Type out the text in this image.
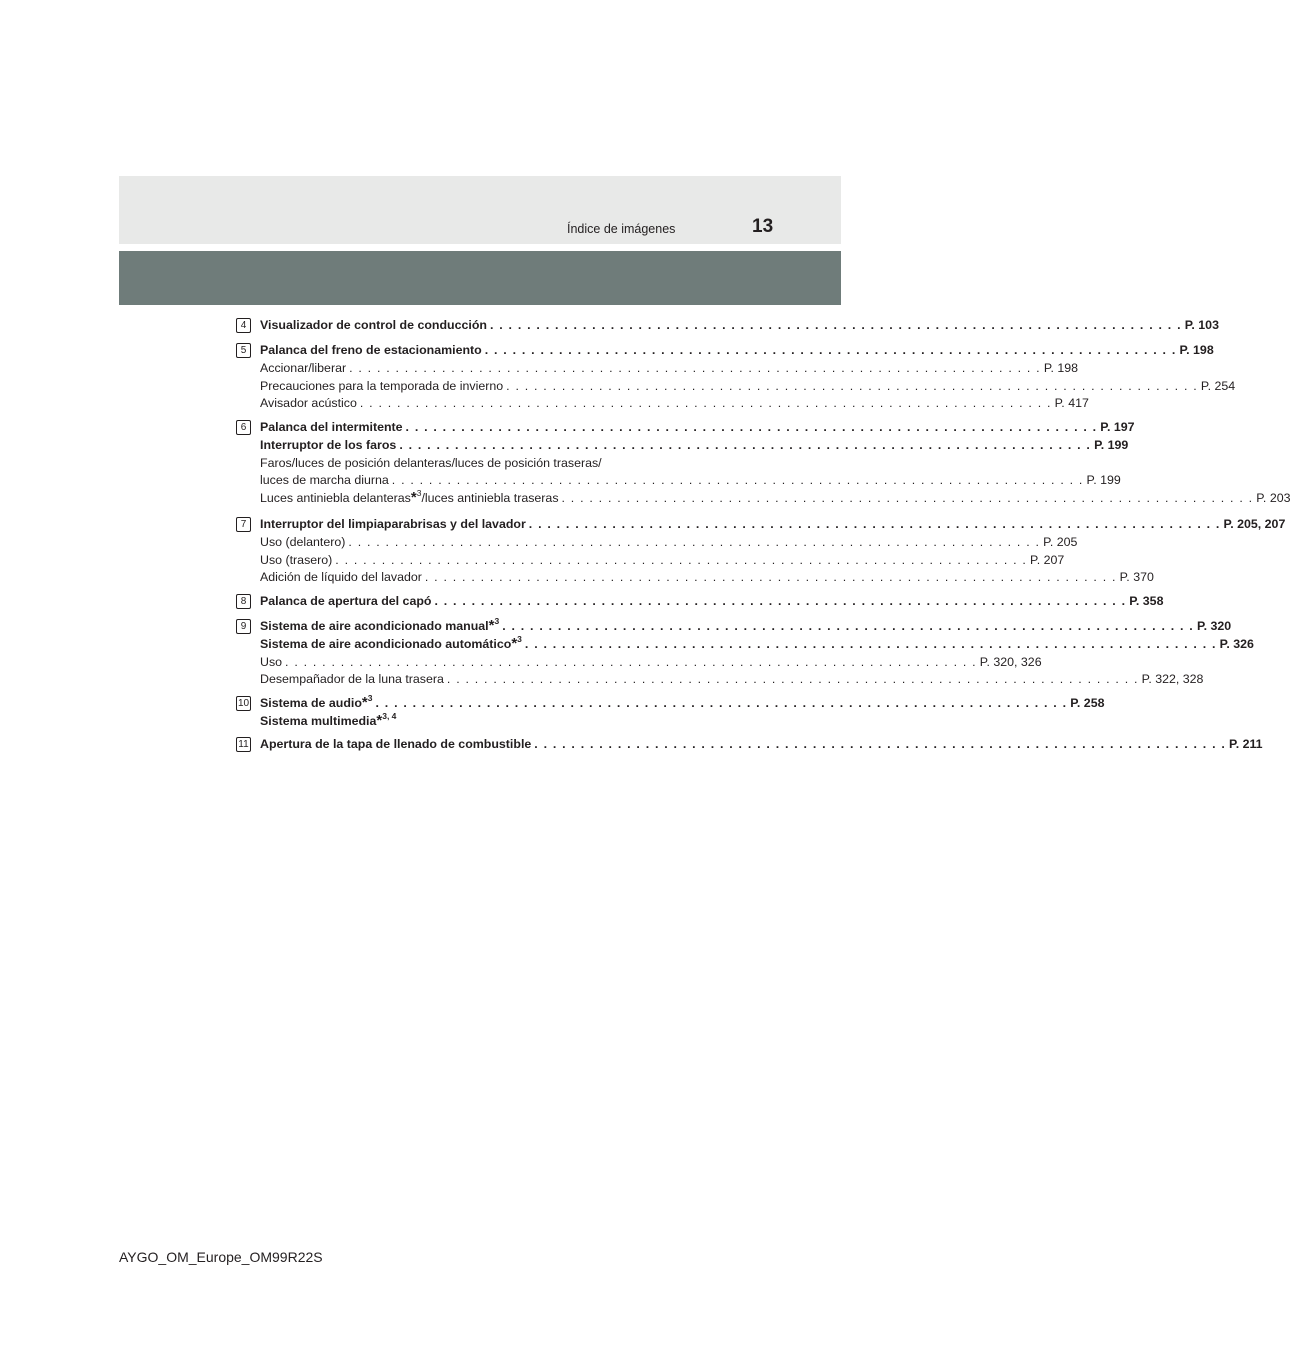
Índice de imágenes	13
4	Visualizador de control de conducción . . . . . . . . . . . . . . . . . . . . . . . . . . . . . . . . . . . . . . . . . . . . . . . . . . . . . . . . . . . . . . . . . . . . . . . . . . . P. 103
5	Palanca del freno de estacionamiento . . . . . . . . . . . . . . . . . . . . . . . . . . . . . . . . . . . . . . . . . . . . . . . . . . . . . . . . . . . . . . . . . . . . . . . . . . . P. 198
Accionar/liberar . . . . . . . . . . . . . . . . . . . . . . . . . . . . . . . . . . . . . . . . . . . . . . . . . . . . . . . . . . . . . . . . . . . . . . . . . . . P. 198
Precauciones para la temporada de invierno . . . . . . . . . . . . . . . . . . . . . . . . . . . . . . . . . . . . . . . . . . . . . . . . . . . . . . . . . . . . . . . . . . . . . . . . . . . P. 254
Avisador acústico . . . . . . . . . . . . . . . . . . . . . . . . . . . . . . . . . . . . . . . . . . . . . . . . . . . . . . . . . . . . . . . . . . . . . . . . . . . P. 417
6	Palanca del intermitente . . . . . . . . . . . . . . . . . . . . . . . . . . . . . . . . . . . . . . . . . . . . . . . . . . . . . . . . . . . . . . . . . . . . . . . . . . . P. 197
Interruptor de los faros . . . . . . . . . . . . . . . . . . . . . . . . . . . . . . . . . . . . . . . . . . . . . . . . . . . . . . . . . . . . . . . . . . . . . . . . . . . P. 199
Faros/luces de posición delanteras/luces de posición traseras/
luces de marcha diurna . . . . . . . . . . . . . . . . . . . . . . . . . . . . . . . . . . . . . . . . . . . . . . . . . . . . . . . . . . . . . . . . . . . . . . . . . . . P. 199
Luces antiniebla delanteras*$^3$/luces antiniebla traseras . . . . . . . . . . . . . . . . . . . . . . . . . . . . . . . . . . . . . . . . . . . . . . . . . . . . . . . . . . . . . . . . . . . . . . . . . . . P. 203
7	Interruptor del limpiaparabrisas y del lavador . . . . . . . . . . . . . . . . . . . . . . . . . . . . . . . . . . . . . . . . . . . . . . . . . . . . . . . . . . . . . . . . . . . . . . . . . . . P. 205, 207
Uso (delantero) . . . . . . . . . . . . . . . . . . . . . . . . . . . . . . . . . . . . . . . . . . . . . . . . . . . . . . . . . . . . . . . . . . . . . . . . . . . P. 205
Uso (trasero) . . . . . . . . . . . . . . . . . . . . . . . . . . . . . . . . . . . . . . . . . . . . . . . . . . . . . . . . . . . . . . . . . . . . . . . . . . . P. 207
Adición de líquido del lavador . . . . . . . . . . . . . . . . . . . . . . . . . . . . . . . . . . . . . . . . . . . . . . . . . . . . . . . . . . . . . . . . . . . . . . . . . . . P. 370
8	Palanca de apertura del capó . . . . . . . . . . . . . . . . . . . . . . . . . . . . . . . . . . . . . . . . . . . . . . . . . . . . . . . . . . . . . . . . . . . . . . . . . . . P. 358
9	Sistema de aire acondicionado manual*$^3$ . . . . . . . . . . . . . . . . . . . . . . . . . . . . . . . . . . . . . . . . . . . . . . . . . . . . . . . . . . . . . . . . . . . . . . . . . . . P. 320
Sistema de aire acondicionado automático*$^3$ . . . . . . . . . . . . . . . . . . . . . . . . . . . . . . . . . . . . . . . . . . . . . . . . . . . . . . . . . . . . . . . . . . . . . . . . . . . P. 326
Uso . . . . . . . . . . . . . . . . . . . . . . . . . . . . . . . . . . . . . . . . . . . . . . . . . . . . . . . . . . . . . . . . . . . . . . . . . . . P. 320, 326
Desempañador de la luna trasera . . . . . . . . . . . . . . . . . . . . . . . . . . . . . . . . . . . . . . . . . . . . . . . . . . . . . . . . . . . . . . . . . . . . . . . . . . . P. 322, 328
10 Sistema de audio*$^3$ . . . . . . . . . . . . . . . . . . . . . . . . . . . . . . . . . . . . . . . . . . . . . . . . . . . . . . . . . . . . . . . . . . . . . . . . . . . P. 258
Sistema multimedia*$^{3, 4}$
11 Apertura de la tapa de llenado de combustible . . . . . . . . . . . . . . . . . . . . . . . . . . . . . . . . . . . . . . . . . . . . . . . . . . . . . . . . . . . . . . . . . . . . . . . . . . . P. 211
AYGO_OM_Europe_OM99R22S
